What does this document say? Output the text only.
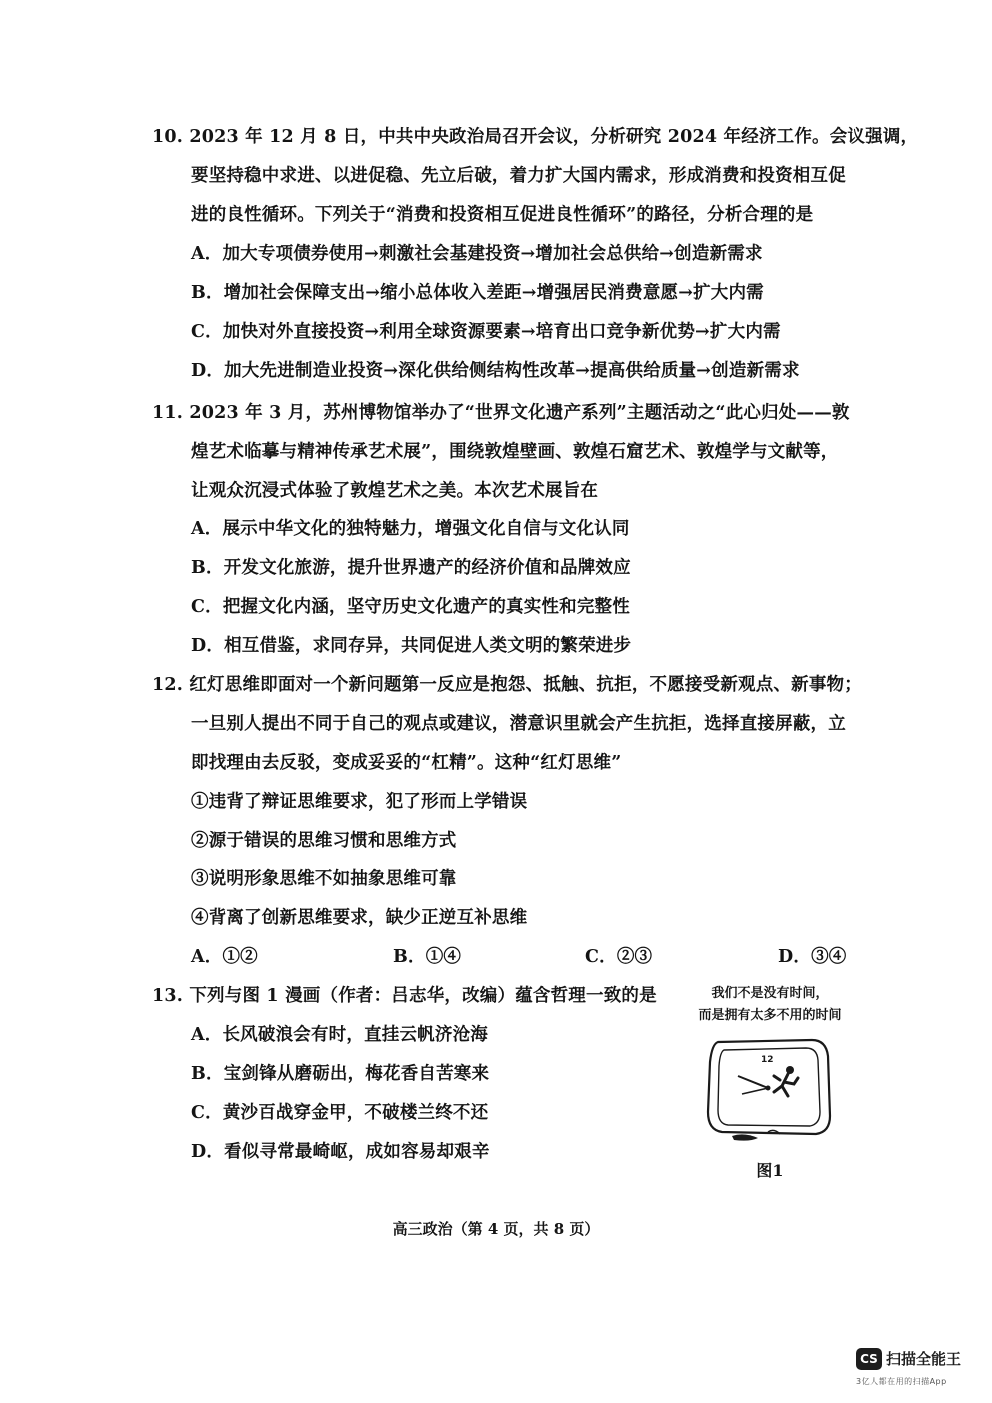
10. 2023 年 12 月 8 日，中共中央政治局召开会议，分析研究 2024 年经济工作。会议强调，
要坚持稳中求进、以进促稳、先立后破，着力扩大国内需求，形成消费和投资相互促
进的良性循环。下列关于“消费和投资相互促进良性循环”的路径，分析合理的是
A．加大专项债券使用→刺激社会基建投资→增加社会总供给→创造新需求
B．增加社会保障支出→缩小总体收入差距→增强居民消费意愿→扩大内需
C．加快对外直接投资→利用全球资源要素→培育出口竞争新优势→扩大内需
D．加大先进制造业投资→深化供给侧结构性改革→提高供给质量→创造新需求
11. 2023 年 3 月，苏州博物馆举办了“世界文化遗产系列”主题活动之“此心归处——敦
煌艺术临摹与精神传承艺术展”，围绕敦煌壁画、敦煌石窟艺术、敦煌学与文献等，
让观众沉浸式体验了敦煌艺术之美。本次艺术展旨在
A．展示中华文化的独特魅力，增强文化自信与文化认同
B．开发文化旅游，提升世界遗产的经济价值和品牌效应
C．把握文化内涵，坚守历史文化遗产的真实性和完整性
D．相互借鉴，求同存异，共同促进人类文明的繁荣进步
12. 红灯思维即面对一个新问题第一反应是抱怨、抵触、抗拒，不愿接受新观点、新事物；
一旦别人提出不同于自己的观点或建议，潜意识里就会产生抗拒，选择直接屏蔽，立
即找理由去反驳，变成妥妥的“杠精”。这种“红灯思维”
①违背了辩证思维要求，犯了形而上学错误
②源于错误的思维习惯和思维方式
③说明形象思维不如抽象思维可靠
④背离了创新思维要求，缺少正逆互补思维
A．①②	B．①④	C．②③	D．③④
13. 下列与图 1 漫画（作者：吕志华，改编）蕴含哲理一致的是
A．长风破浪会有时，直挂云帆济沧海
B．宝剑锋从磨砺出，梅花香自苦寒来
C．黄沙百战穿金甲，不破楼兰终不还
D．看似寻常最崎岖，成如容易却艰辛
我们不是没有时间，
而是拥有太多不用的时间
12
图1
高三政治（第 4 页，共 8 页）
CS 扫描全能王
3亿人都在用的扫描App
